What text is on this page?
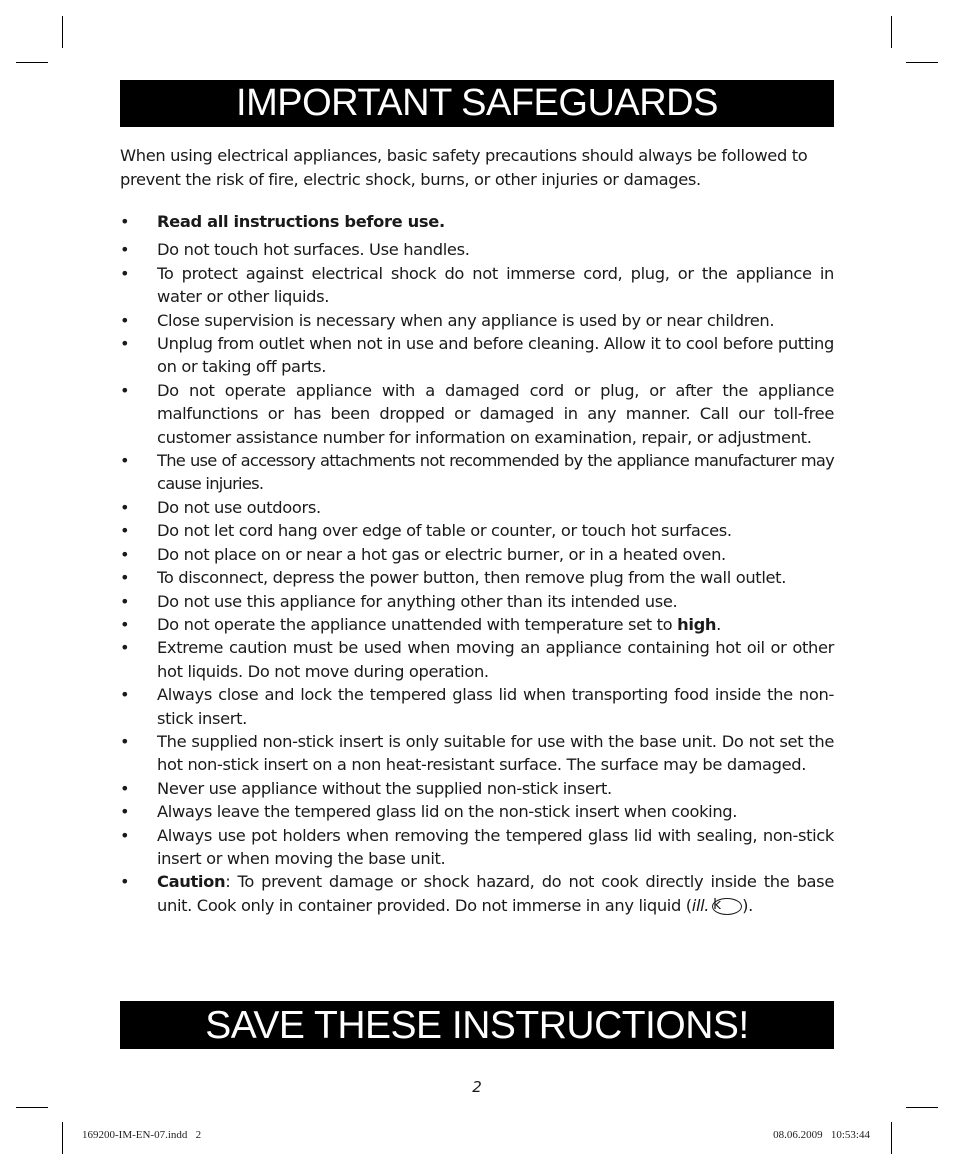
IMPORTANT SAFEGUARDS

When using electrical appliances, basic safety precautions should always be followed to prevent the risk of fire, electric shock, burns, or other injuries or damages.

• Read all instructions before use.
• Do not touch hot surfaces. Use handles.
• To protect against electrical shock do not immerse cord, plug, or the appliance in water or other liquids.
• Close supervision is necessary when any appliance is used by or near children.
• Unplug from outlet when not in use and before cleaning. Allow it to cool before putting on or taking off parts.
• Do not operate appliance with a damaged cord or plug, or after the appliance malfunctions or has been dropped or damaged in any manner. Call our toll-free customer assistance number for information on examination, repair, or adjustment.
• The use of accessory attachments not recommended by the appliance manufacturer may cause injuries.
• Do not use outdoors.
• Do not let cord hang over edge of table or counter, or touch hot surfaces.
• Do not place on or near a hot gas or electric burner, or in a heated oven.
• To disconnect, depress the power button, then remove plug from the wall outlet.
• Do not use this appliance for anything other than its intended use.
• Do not operate the appliance unattended with temperature set to high.
• Extreme caution must be used when moving an appliance containing hot oil or other hot liquids. Do not move during operation.
• Always close and lock the tempered glass lid when transporting food inside the non-stick insert.
• The supplied non-stick insert is only suitable for use with the base unit. Do not set the hot non-stick insert on a non heat-resistant surface. The surface may be damaged.
• Never use appliance without the supplied non-stick insert.
• Always leave the tempered glass lid on the non-stick insert when cooking.
• Always use pot holders when removing the tempered glass lid with sealing, non-stick insert or when moving the base unit.
• Caution: To prevent damage or shock hazard, do not cook directly inside the base unit. Cook only in container provided. Do not immerse in any liquid (ill. k ).
SAVE THESE INSTRUCTIONS!
2
169200-IM-EN-07.indd   2	08.06.2009   10:53:44
